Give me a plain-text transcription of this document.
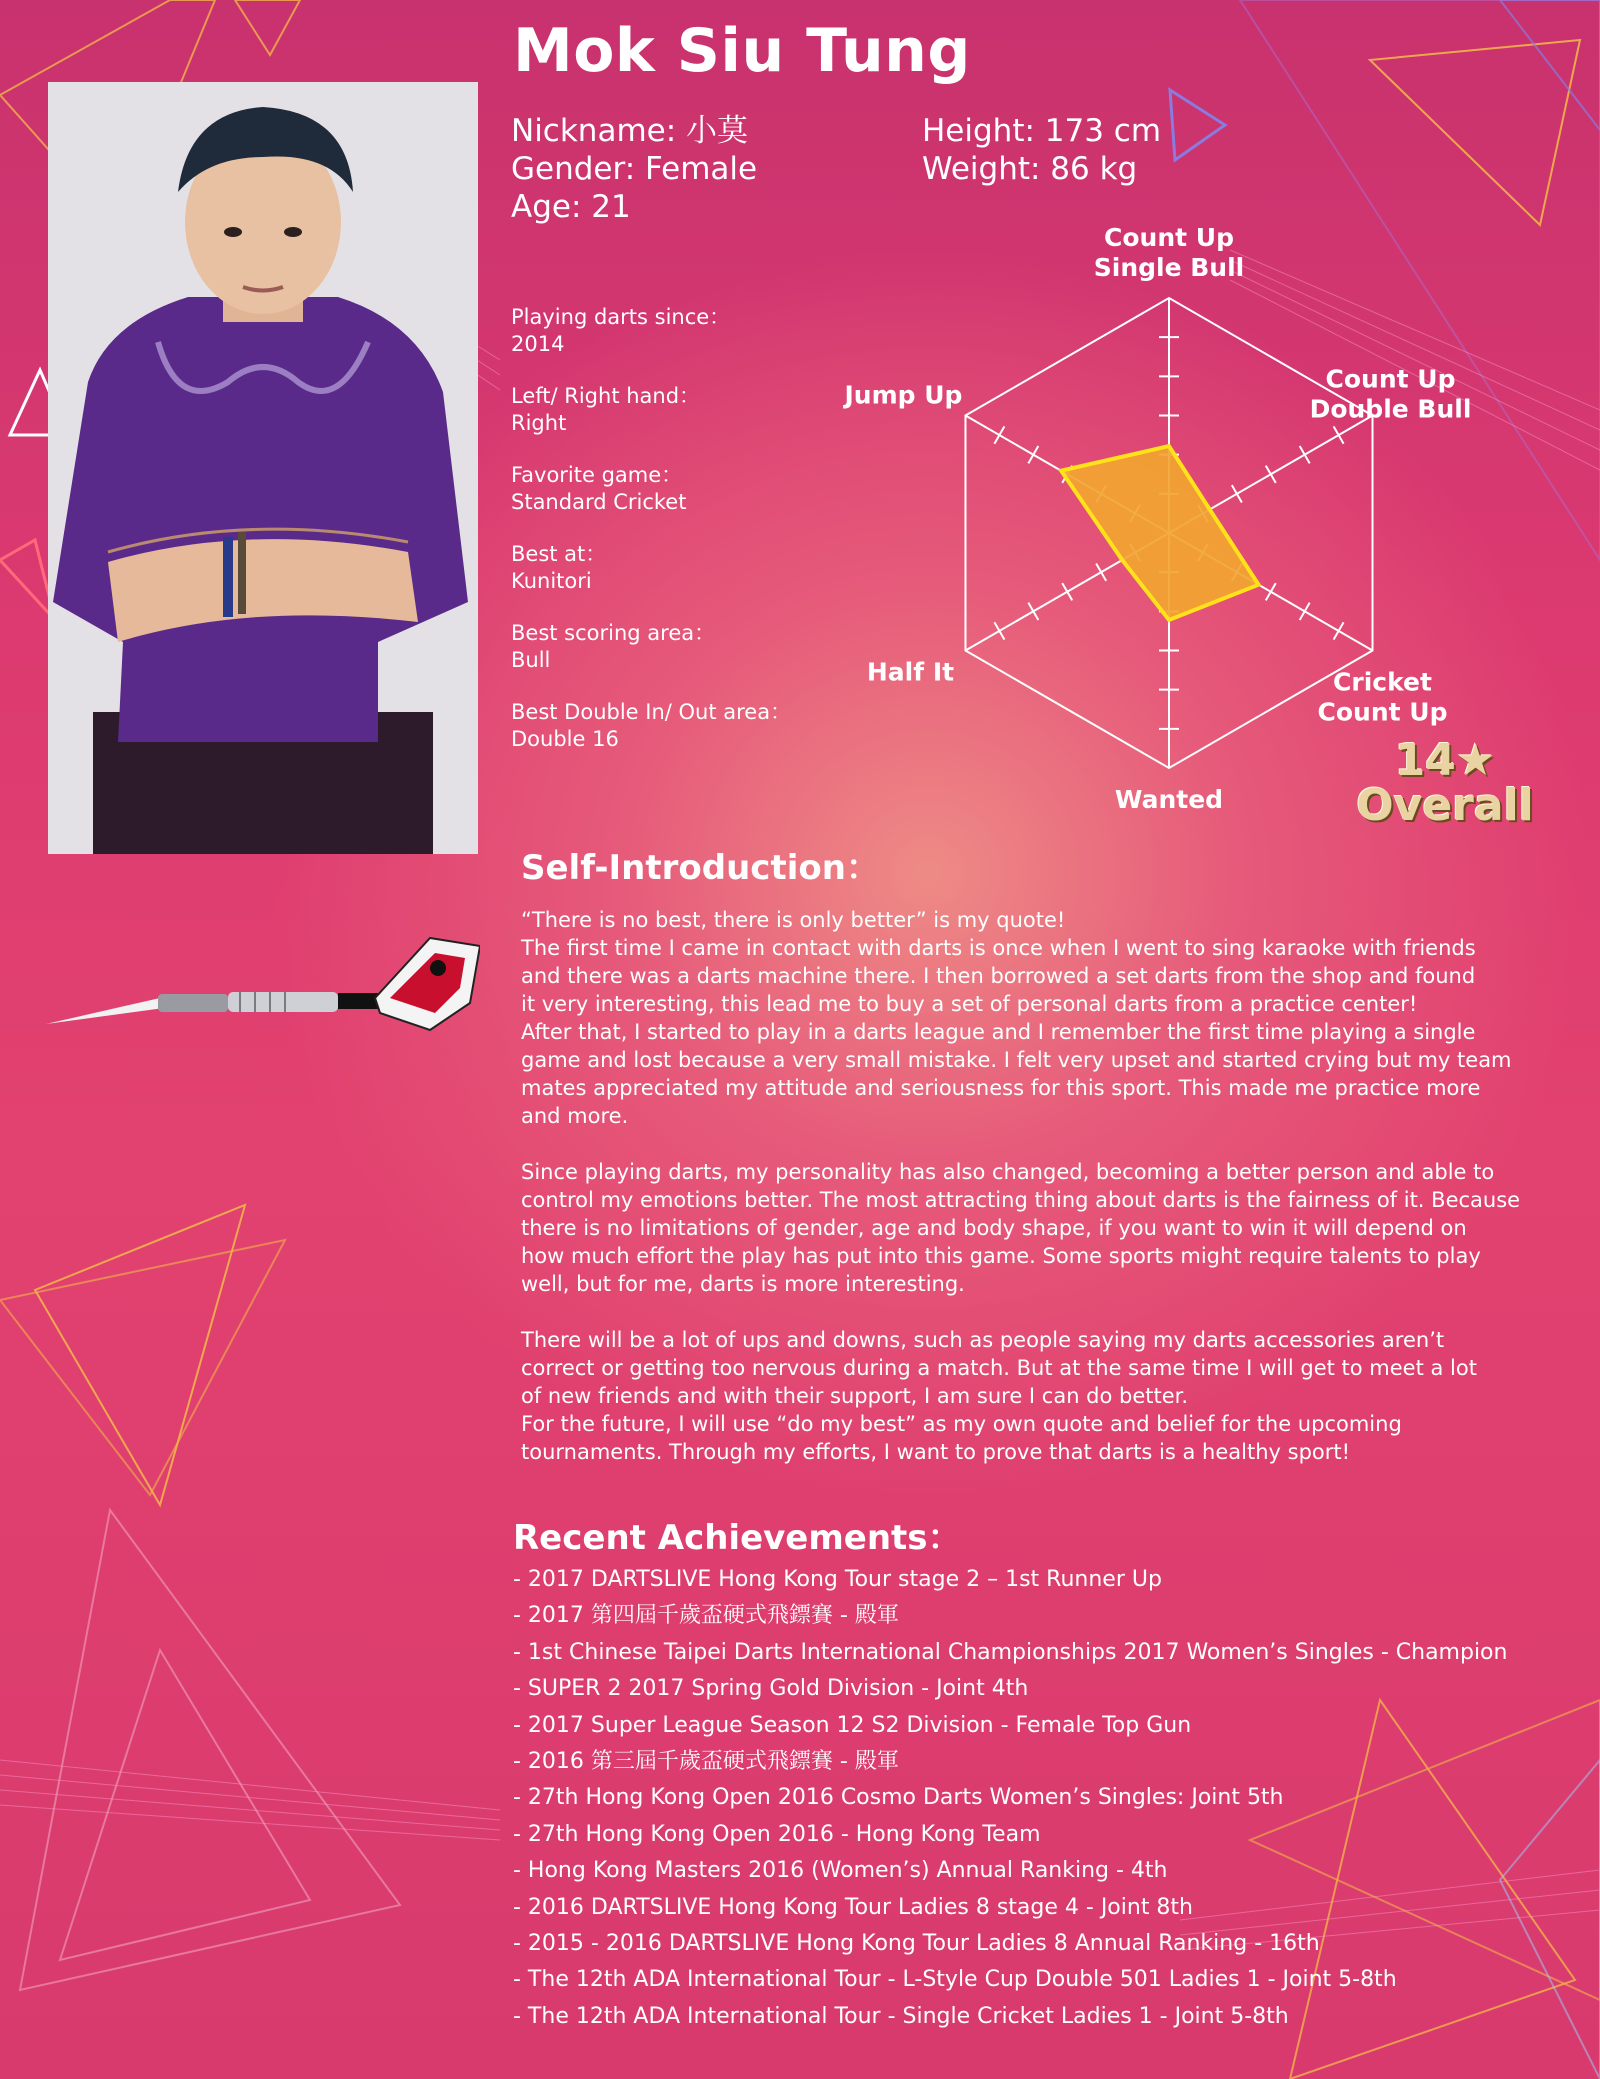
Mok Siu Tung
Nickname: 小莫
Gender: Female
Age: 21
Height: 173 cm
Weight: 86 kg
Playing darts since：
2014
Left/ Right hand：
Right
Favorite game：
Standard Cricket
Best at：
Kunitori
Best scoring area：
Bull
Best Double In/ Out area：
Double 16
Count Up
Single Bull
Count Up
Double Bull
Cricket
Count Up
Wanted
Half It
Jump Up
14★
Overall
Self-Introduction：

“There is no best, there is only better” is my quote!
The first time I came in contact with darts is once when I went to sing karaoke with friends
and there was a darts machine there. I then borrowed a set darts from the shop and found
it very interesting, this lead me to buy a set of personal darts from a practice center!
After that, I started to play in a darts league and I remember the first time playing a single
game and lost because a very small mistake. I felt very upset and started crying but my team
mates appreciated my attitude and seriousness for this sport. This made me practice more
and more.

Since playing darts, my personality has also changed, becoming a better person and able to
control my emotions better. The most attracting thing about darts is the fairness of it. Because
there is no limitations of gender, age and body shape, if you want to win it will depend on
how much effort the play has put into this game. Some sports might require talents to play
well, but for me, darts is more interesting.

There will be a lot of ups and downs, such as people saying my darts accessories aren’t
correct or getting too nervous during a match. But at the same time I will get to meet a lot
of new friends and with their support, I am sure I can do better.
For the future, I will use “do my best” as my own quote and belief for the upcoming
tournaments. Through my efforts, I want to prove that darts is a healthy sport!

Recent Achievements：
- 2017 DARTSLIVE Hong Kong Tour stage 2 – 1st Runner Up
- 2017 第四屆千歲盃硬式飛鏢賽 - 殿軍
- 1st Chinese Taipei Darts International Championships 2017 Women’s Singles - Champion
- SUPER 2 2017 Spring Gold Division - Joint 4th
- 2017 Super League Season 12 S2 Division - Female Top Gun
- 2016 第三屆千歲盃硬式飛鏢賽 - 殿軍
- 27th Hong Kong Open 2016 Cosmo Darts Women’s Singles: Joint 5th
- 27th Hong Kong Open 2016 - Hong Kong Team
- Hong Kong Masters 2016 (Women’s) Annual Ranking - 4th
- 2016 DARTSLIVE Hong Kong Tour Ladies 8 stage 4 - Joint 8th
- 2015 - 2016 DARTSLIVE Hong Kong Tour Ladies 8 Annual Ranking - 16th
- The 12th ADA International Tour - L-Style Cup Double 501 Ladies 1 - Joint 5-8th
- The 12th ADA International Tour - Single Cricket Ladies 1 - Joint 5-8th
